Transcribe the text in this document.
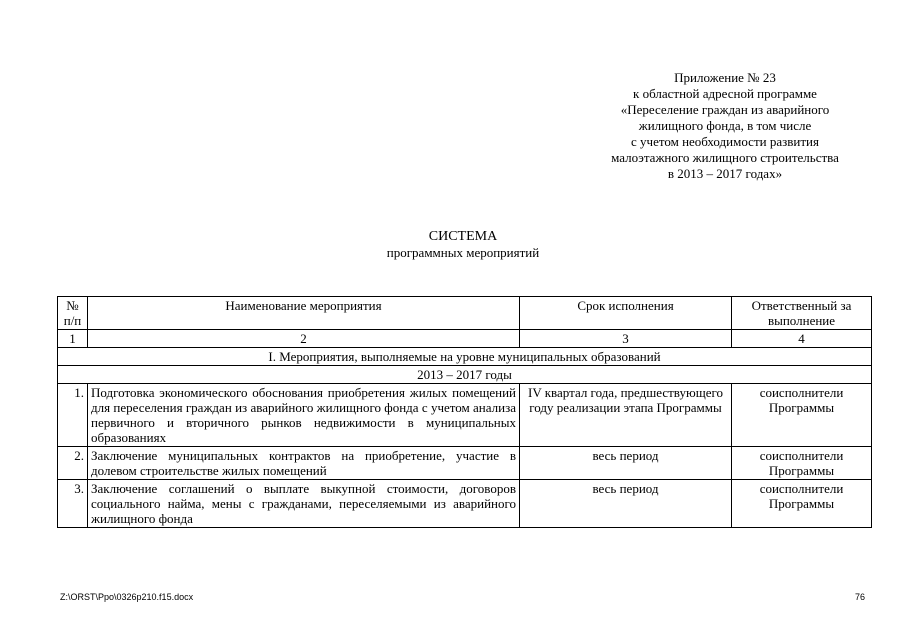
Приложение № 23
к областной адресной программе
«Переселение граждан из аварийного
жилищного фонда, в том числе
с учетом необходимости развития
малоэтажного жилищного строительства
в 2013 – 2017 годах»
СИСТЕМА
программных мероприятий
№ п/п	Наименование мероприятия	Срок исполнения	Ответственный за выполнение
1	2	3	4
I. Мероприятия, выполняемые на уровне муниципальных образований			
2013 – 2017 годы			
1.	Подготовка экономического обоснования приобретения жилых помещений для переселения граждан из аварийного жилищного фонда с учетом анализа первичного и вторичного рынков недвижимости в муниципальных образованиях	IV квартал года, предшествующего году реализации этапа Программы	соисполнители Программы
2.	Заключение муниципальных контрактов на приобретение, участие в долевом строительстве жилых помещений	весь период	соисполнители Программы
3.	Заключение соглашений о выплате выкупной стоимости, договоров социального найма, мены с гражданами, переселяемыми из аварийного жилищного фонда	весь период	соисполнители Программы
Z:\ORST\Ppo\0326p210.f15.docx	76
